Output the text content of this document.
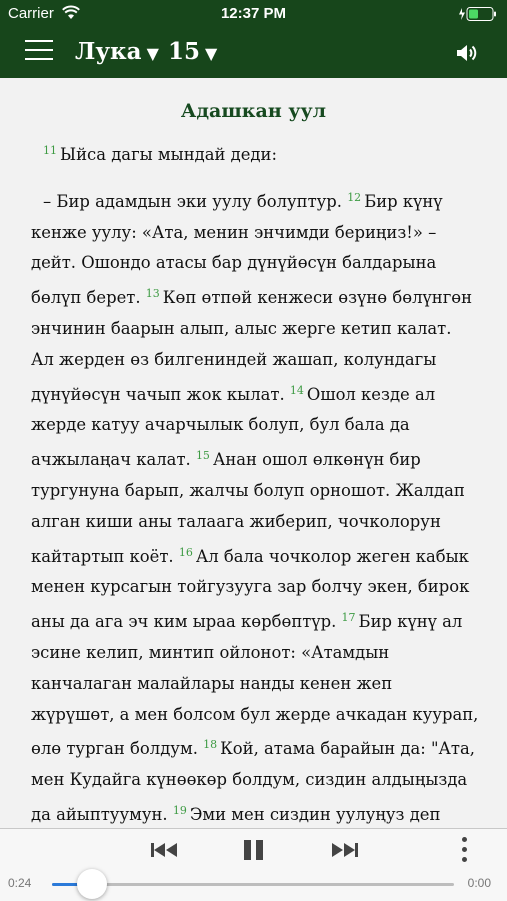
Carrier	12:37 PM
Лука ▼ 15 ▼
Адашкан уул

$^{11}$ Ыйса дагы мындай деди:

– Бир адамдын эки уулу болуптур. $^{12}$ Бир күнү кенже уулу: «Ата, менин энчимди бериңиз!» – дейт. Ошондо атасы бар дүнүйөсүн балдарына бөлүп берет. $^{13}$ Көп өтпөй кенжеси өзүнө бөлүнгөн энчинин баарын алып, алыс жерге кетип калат. Ал жерден өз билгениндей жашап, колундагы дүнүйөсүн чачып жок кылат. $^{14}$ Ошол кезде ал жерде катуу ачарчылык болуп, бул бала да ачжылаңач калат. $^{15}$ Анан ошол өлкөнүн бир тургунуна барып, жалчы болуп орношот. Жалдап алган киши аны талаага жиберип, чочколорун кайтартып коёт. $^{16}$ Ал бала чочколор жеген кабык менен курсагын тойгузууга зар болчу экен, бирок аны да ага эч ким ыраа көрбөптүр. $^{17}$ Бир күнү ал эсине келип, минтип ойлонот: «Атамдын канчалаган малайлары нанды кенен жеп жүрүшөт, а мен болсом бул жерде ачкадан куурап, өлө турган болдум. $^{18}$ Кой, атама барайын да: "Ата, мен Кудайга күнөөкөр болдум, сиздин алдыңызда да айыптуумун. $^{19}$ Эми мен сиздин уулуңуз деп

0:24	0:00
